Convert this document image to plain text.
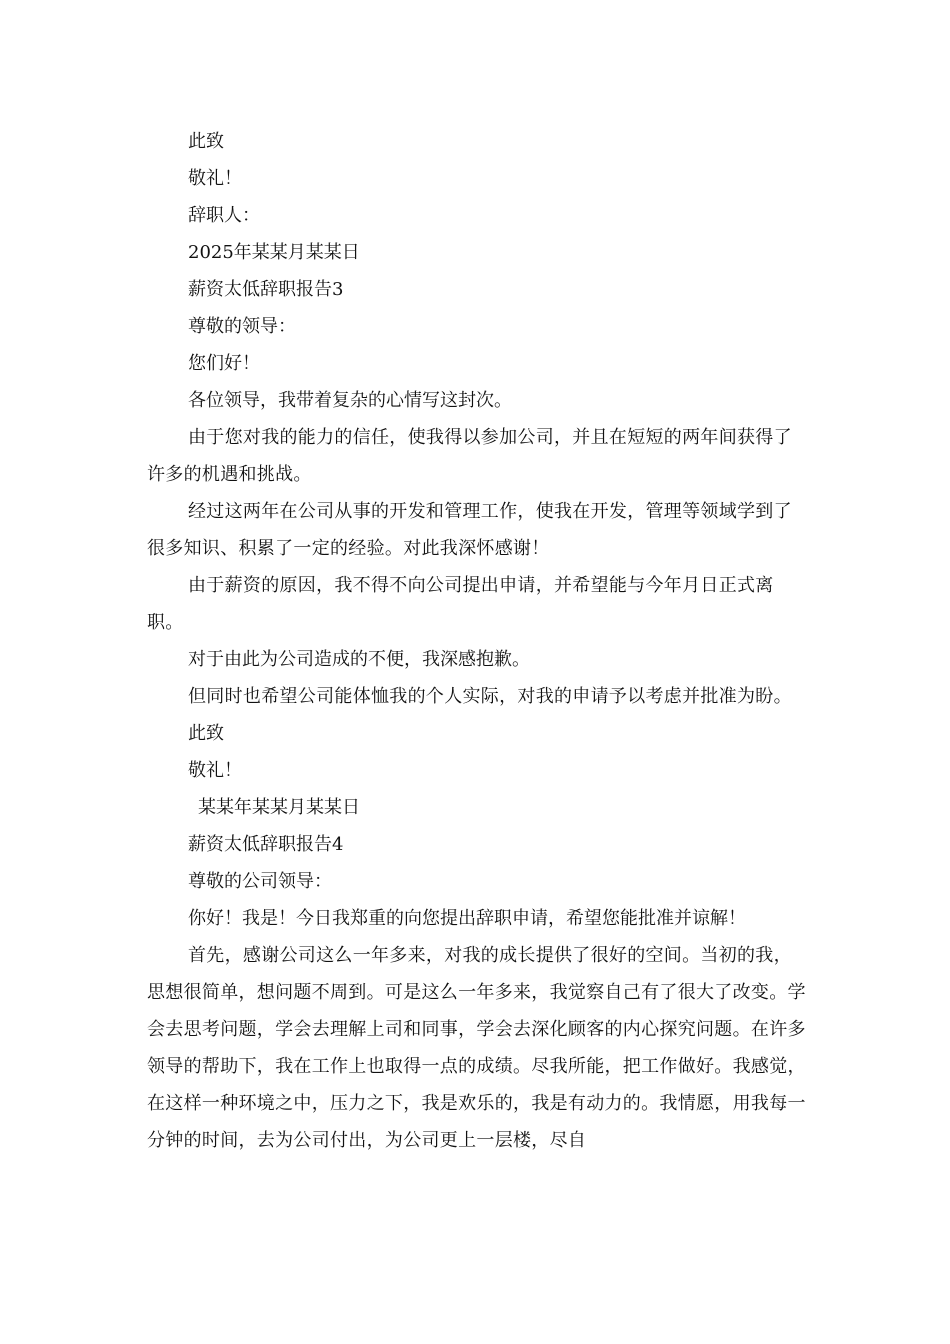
此致

敬礼！

辞职人：

2025年某某月某某日

薪资太低辞职报告3

尊敬的领导：

您们好！

各位领导，我带着复杂的心情写这封次。

由于您对我的能力的信任，使我得以参加公司，并且在短短的两年间获得了许多的机遇和挑战。

经过这两年在公司从事的开发和管理工作，使我在开发，管理等领域学到了很多知识、积累了一定的经验。对此我深怀感谢！

由于薪资的原因，我不得不向公司提出申请，并希望能与今年月日正式离职。

对于由此为公司造成的不便，我深感抱歉。

但同时也希望公司能体恤我的个人实际，对我的申请予以考虑并批准为盼。

此致

敬礼！

某某年某某月某某日

薪资太低辞职报告4

尊敬的公司领导：

你好！我是！今日我郑重的向您提出辞职申请，希望您能批准并谅解！

首先，感谢公司这么一年多来，对我的成长提供了很好的空间。当初的我，思想很简单，想问题不周到。可是这么一年多来，我觉察自己有了很大了改变。学会去思考问题，学会去理解上司和同事，学会去深化顾客的内心探究问题。在许多领导的帮助下，我在工作上也取得一点的成绩。尽我所能，把工作做好。我感觉，在这样一种环境之中，压力之下，我是欢乐的，我是有动力的。我情愿，用我每一分钟的时间，去为公司付出，为公司更上一层楼，尽自
